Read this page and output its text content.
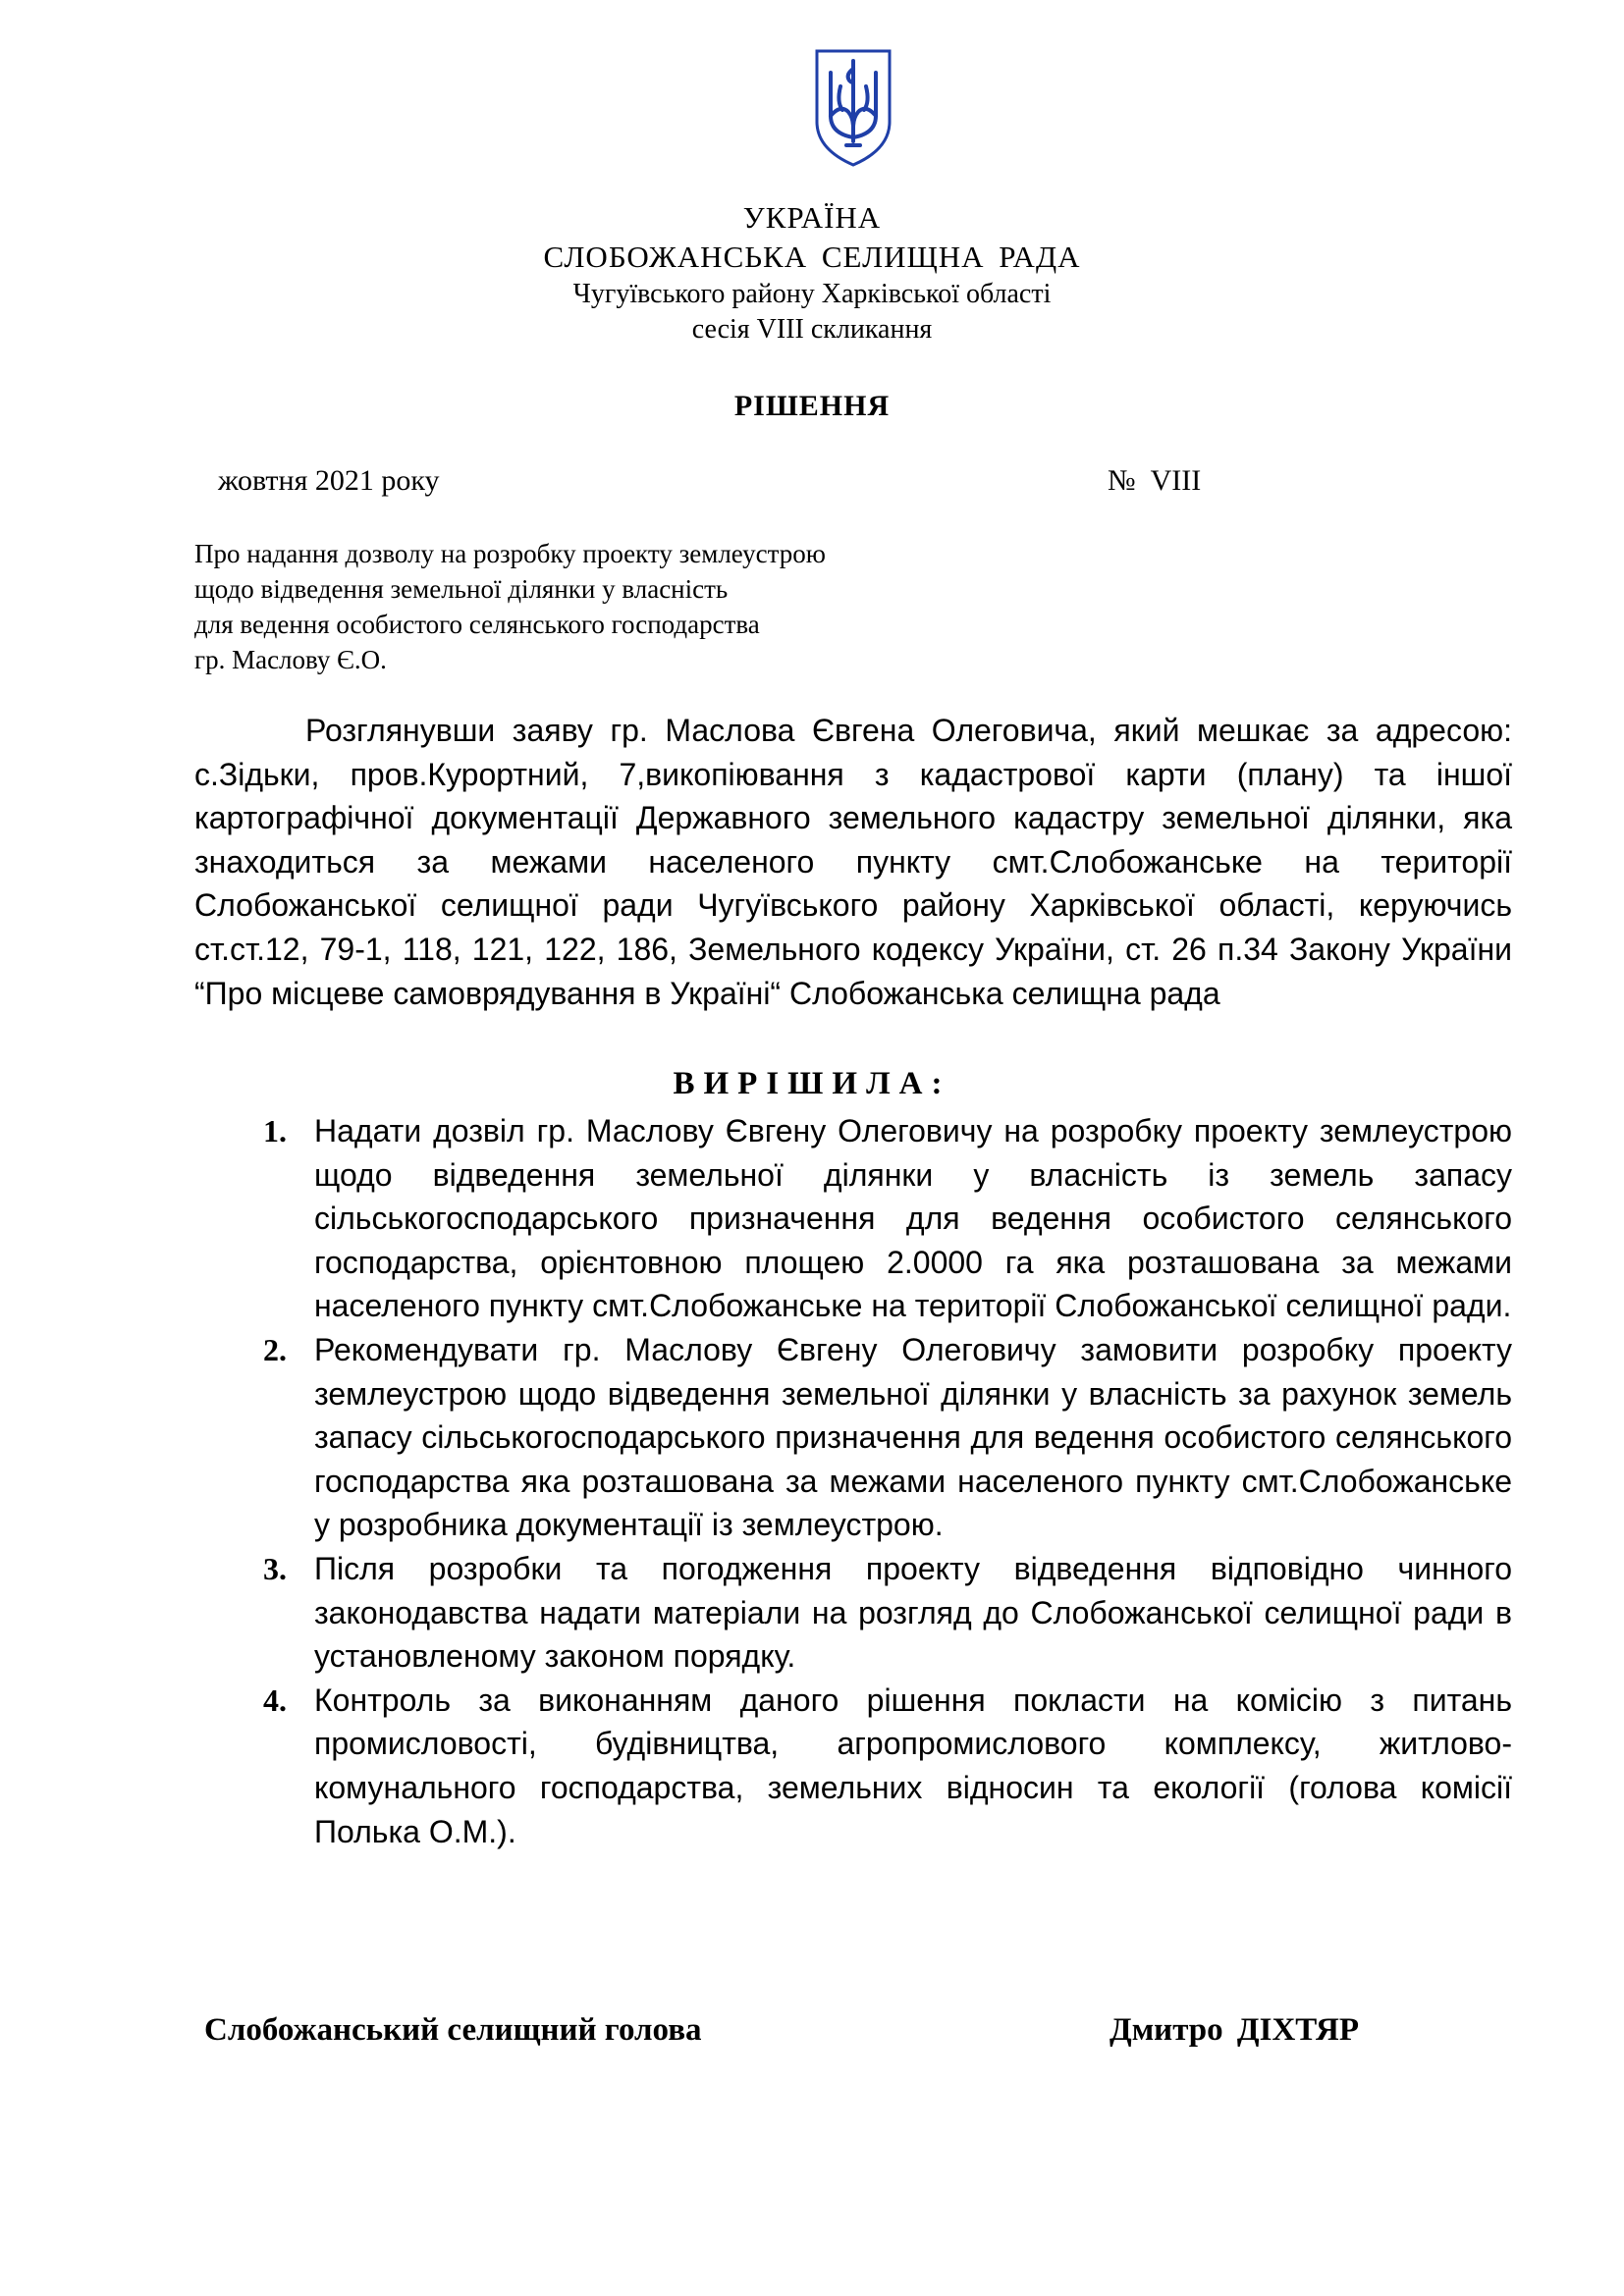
УКРАЇНА
СЛОБОЖАНСЬКА СЕЛИЩНА РАДА
Чугуївського району Харківської області
сесія VIII скликання
РІШЕННЯ
жовтня 2021 року	№ VIII
Про надання дозволу на розробку проекту землеустрою
щодо відведення земельної ділянки у власність
для ведення особистого селянського господарства
гр. Маслову Є.О.
Розглянувши заяву гр. Маслова Євгена Олеговича, який мешкає за адресою: с.Зідьки, пров.Курортний, 7,викопіювання з кадастрової карти (плану) та іншої картографічної документації Державного земельного кадастру земельної ділянки, яка знаходиться за межами населеного пункту смт.Слобожанське на території Слобожанської селищної ради Чугуївського району Харківської області, керуючись ст.ст.12, 79-1, 118, 121, 122, 186, Земельного кодексу України, ст. 26 п.34 Закону України “Про місцеве самоврядування в Україні“ Слобожанська селищна рада
ВИРІШИЛА:
1. Надати дозвіл гр. Маслову Євгену Олеговичу на розробку проекту землеустрою щодо відведення земельної ділянки у власність із земель запасу сільськогосподарського призначення для ведення особистого селянського господарства, орієнтовною площею 2.0000 га яка розташована за межами населеного пункту смт.Слобожанське на території Слобожанської селищної ради.
2. Рекомендувати гр. Маслову Євгену Олеговичу замовити розробку проекту землеустрою щодо відведення земельної ділянки у власність за рахунок земель запасу сільськогосподарського призначення для ведення особистого селянського господарства яка розташована за межами населеного пункту смт.Слобожанське у розробника документації із землеустрою.
3. Після розробки та погодження проекту відведення відповідно чинного законодавства надати матеріали на розгляд до Слобожанської селищної ради в установленому законом порядку.
4. Контроль за виконанням даного рішення покласти на комісію з питань промисловості, будівництва, агропромислового комплексу, житлово-комунального господарства, земельних відносин та екології (голова комісії Полька О.М.).
Слобожанський селищний голова	Дмитро ДІХТЯР
